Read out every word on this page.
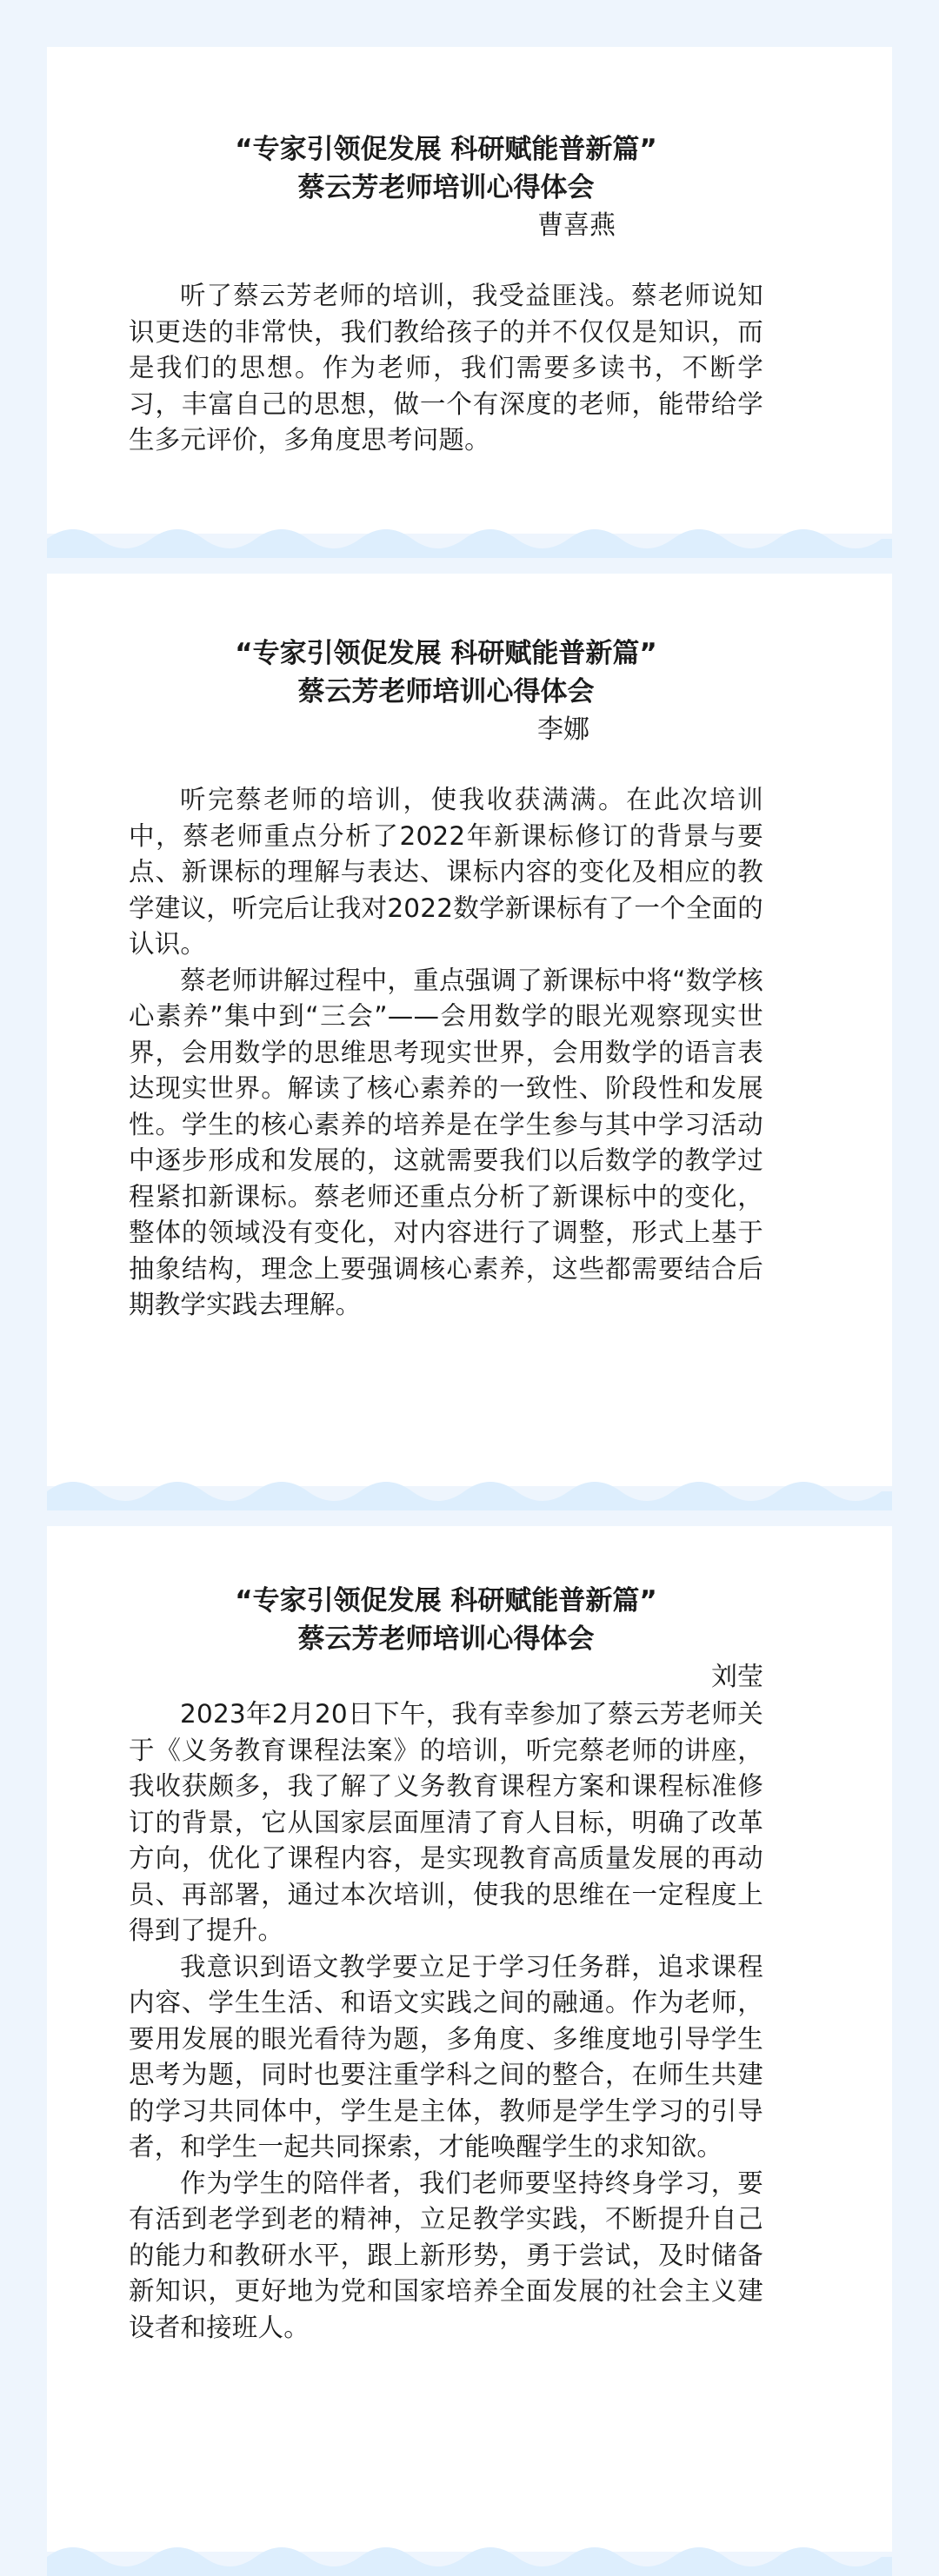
“专家引领促发展 科研赋能普新篇”

蔡云芳老师培训心得体会

曹喜燕

听了蔡云芳老师的培训，我受益匪浅。蔡老师说知识更迭的非常快，我们教给孩子的并不仅仅是知识，而是我们的思想。作为老师，我们需要多读书，不断学习，丰富自己的思想，做一个有深度的老师，能带给学生多元评价，多角度思考问题。

“专家引领促发展 科研赋能普新篇”

蔡云芳老师培训心得体会

李娜

听完蔡老师的培训，使我收获满满。在此次培训中，蔡老师重点分析了2022年新课标修订的背景与要点、新课标的理解与表达、课标内容的变化及相应的教学建议，听完后让我对2022数学新课标有了一个全面的认识。

蔡老师讲解过程中，重点强调了新课标中将“数学核心素养”集中到“三会”——会用数学的眼光观察现实世界，会用数学的思维思考现实世界，会用数学的语言表达现实世界。解读了核心素养的一致性、阶段性和发展性。学生的核心素养的培养是在学生参与其中学习活动中逐步形成和发展的，这就需要我们以后数学的教学过程紧扣新课标。蔡老师还重点分析了新课标中的变化，整体的领域没有变化，对内容进行了调整，形式上基于抽象结构，理念上要强调核心素养，这些都需要结合后期教学实践去理解。

“专家引领促发展 科研赋能普新篇”

蔡云芳老师培训心得体会

刘莹

2023年2月20日下午，我有幸参加了蔡云芳老师关于《义务教育课程法案》的培训，听完蔡老师的讲座，我收获颇多，我了解了义务教育课程方案和课程标准修订的背景，它从国家层面厘清了育人目标，明确了改革方向，优化了课程内容，是实现教育高质量发展的再动员、再部署，通过本次培训，使我的思维在一定程度上得到了提升。

我意识到语文教学要立足于学习任务群，追求课程内容、学生生活、和语文实践之间的融通。作为老师，要用发展的眼光看待为题，多角度、多维度地引导学生思考为题，同时也要注重学科之间的整合，在师生共建的学习共同体中，学生是主体，教师是学生学习的引导者，和学生一起共同探索，才能唤醒学生的求知欲。

作为学生的陪伴者，我们老师要坚持终身学习，要有活到老学到老的精神，立足教学实践，不断提升自己的能力和教研水平，跟上新形势，勇于尝试，及时储备新知识，更好地为党和国家培养全面发展的社会主义建设者和接班人。
